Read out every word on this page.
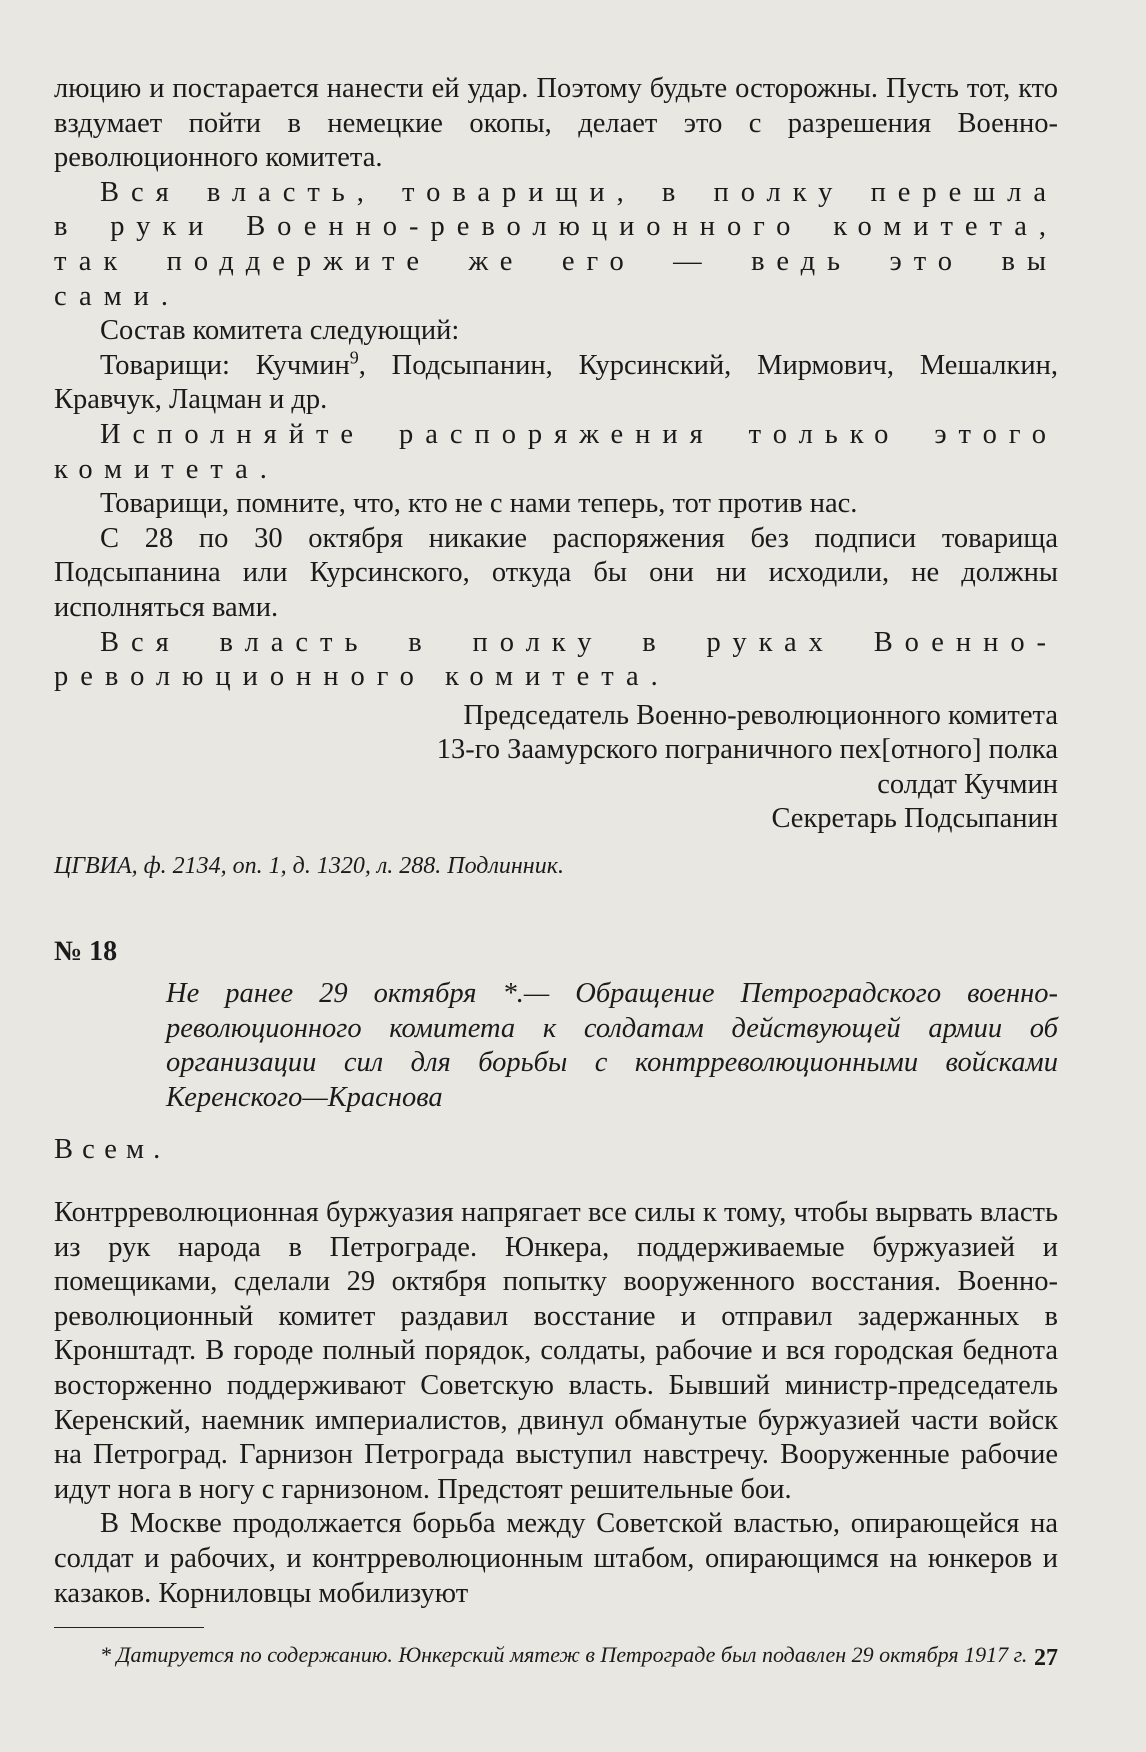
люцию и постарается нанести ей удар. Поэтому будьте осторожны. Пусть тот, кто вздумает пойти в немецкие окопы, делает это с разрешения Военно-революционного комитета.

Вся власть, товарищи, в полку перешла в руки Военно-революционного комитета, так поддержите же его — ведь это вы сами.

Состав комитета следующий:

Товарищи: Кучмин$^9$, Подсыпанин, Курсинский, Мирмович, Мешалкин, Кравчук, Лацман и др.

Исполняйте распоряжения только этого комитета.

Товарищи, помните, что, кто не с нами теперь, тот против нас.

С 28 по 30 октября никакие распоряжения без подписи товарища Подсыпанина или Курсинского, откуда бы они ни исходили, не должны исполняться вами.

Вся власть в полку в руках Военно-революционного комитета.

Председатель Военно-революционного комитета
13-го Заамурского пограничного пех[отного] полка
солдат Кучмин
Секретарь Подсыпанин
ЦГВИА, ф. 2134, оп. 1, д. 1320, л. 288. Подлинник.
№ 18
Не ранее 29 октября *.— Обращение Петроградского военно-революционного комитета к солдатам действующей армии об организации сил для борьбы с контрреволюционными войсками Керенского—Краснова
Всем.

Контрреволюционная буржуазия напрягает все силы к тому, чтобы вырвать власть из рук народа в Петрограде. Юнкера, поддерживаемые буржуазией и помещиками, сделали 29 октября попытку вооруженного восстания. Военно-революционный комитет раздавил восстание и отправил задержанных в Кронштадт. В городе полный порядок, солдаты, рабочие и вся городская беднота восторженно поддерживают Советскую власть. Бывший министр-председатель Керенский, наемник империалистов, двинул обманутые буржуазией части войск на Петроград. Гарнизон Петрограда выступил навстречу. Вооруженные рабочие идут нога в ногу с гарнизоном. Предстоят решительные бои.

В Москве продолжается борьба между Советской властью, опирающейся на солдат и рабочих, и контрреволюционным штабом, опирающимся на юнкеров и казаков. Корниловцы мобилизуют

* Датируется по содержанию. Юнкерский мятеж в Петрограде был подавлен 29 октября 1917 г. 27
